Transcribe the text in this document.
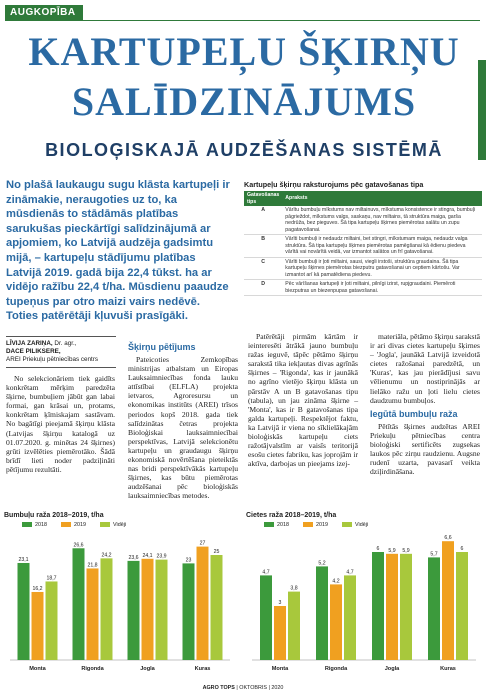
AUGKOPĪBA
KARTUPEĻU ŠĶIRŅU
SALĪDZINĀJUMS
BIOLOĢISKAJĀ AUDZĒŠANAS SISTĒMĀ
No plašā laukaugu sugu klāsta kartupeļi ir zināmakie, neraugoties uz to, ka mūsdienās to stādāmās platības sarukušas pieckārtīgi salīdzinājumā ar apjomiem, ko Latvijā audzēja gadsimtu mijā, – kartupeļu stādījumu platības Latvijā 2019. gadā bija 22,4 tūkst. ha ar vidējo ražību 22,4 t/ha. Mūsdienu paaudze tupeņus par otro maizi vairs nedēvē. Toties patērētāji kļuvuši prasīgāki.
Kartupeļu šķirņu raksturojums pēc gatavošanas tipa
Gatavošanas tips	Apraksts
A	Vārītu bumbuļu mīkstums nav miltainuvs, mīkstuma konsistence ir stingra, bumbuļi pāgrieždot, mīkstums valgs, saskaņu, nav miltains, tā struktūra maiga, garša nedrūža, bez pieguves. Šā tipa kartupeļu šķirnes piemērotas salātu un zupu pagatavošanai.
B	Vārīti bumbuļi ir nedaudz miltaini, bet stingri, mīkstumam maiga, nedaudz valga struktūra. Šā tipa kartupeļu šķirnes piemērotas pamēgšanai kā ēdienu piedeva vārītā vai novārītā veidā, var izmantot salātos un frī gatavošanai.
C	Vārīti bumbuļi ir ļoti miltaini, sausi, viegli irstoši, struktūra graudaina. Šā tipa kartupeļu šķirnes piemērotas biezputru gatavošanai un ceptiem kārtošu. Var izmantot arī kā pamatēdiena piedevu.
D	Pēc vārīšanas kartupeļi ir ļoti miltaini, pilnīgi izirst, rupjgraudaini. Piemēroti biezputras un biezenpupas gatavošanai.
LĪVIJA ZARIŅA, Dr. agr.,
DACE PILIKSERE,
AREI Priekuļu pētniecības centrs

No selekcionāriem tiek gaidīts konkrētam mērķim paredzēta šķirne, bumbuļiem jābūt gan labai formai, gan krāsai un, protams, konkrētam ķīmiskajam sastāvam. No bagātīgi pieejamā šķirņu klāsta (Latvijas šķirņu katalogā uz 01.07.2020. g. minētas 24 šķirnes) grūti izvēlēties piemērotāko. Šādā brīdī lieti noder padziļināti pētījumu rezultāti.

Šķirņu pētījums

Pateicoties Zemkopības ministrijas atbalstam un Eiropas Lauksaimniecības fonda lauku attīstībai (ELFLA) projekta ietvaros, Agroresursu un ekonomikas institūts (AREI) trīsos periodos kopš 2018. gada tiek salīdzinātas četras projekta Bioloģiskai lauksaimniecībai perspektīvas, Latvijā selekcionētu kartupeļu un graudaugu šķirņu ekonomiskā novērtēšana pieteiktās nas bridi perspektīvākās kartupeļu šķirnes, kas būtu piemērotas audzēšanai pēc bioloģiskās lauksaimniecības metodes.

Patērētāji pirmām kārtām ir ieinteresēti ātrākā jauno bumbuļu ražas ieguvē, tāpēc pētāmo šķirņu sarakstā tika iekļautas divas agrīnās šķirnes – 'Rigonda', kas ir jaunākā no agrīno vietējo šķirņu klāsta un pārstāv A un B gatavošanas tipu (tabula), un jau zināma šķirne – 'Monta', kas ir B gatavošanas tipa galda kartupeļi. Respektējot faktu, ka Latvijā ir viena no sīklielākajām bioloģiskās kartupeļu ciets ražotājvalstīm ar vaisīs teritorijā esošu cietes fabriku, kas joprojām ir aktīva, darbojas un pieejams izej-

materiāla, pētāmo šķirņu sarakstā ir ari divas cietes kartupeļu šķirnes – 'Jogla', jaunākā Latvijā izveidotā cietes ražošanai paredzētā, un 'Kuras', kas jau pierādījusi savu vēlienumu un nostiprinājās ar lielāko ražu un ļoti lielu cietes daudzumu bumbuļos.

Iegūtā bumbuļu raža

Pētītās šķirnes audzētas AREI Priekuļu pētniecības centra bioloģiski sertificēts zugsekas laukos pēc zirņu raudzienu. Augsne rudenī uzarta, pavasarī veikta dziļirdināšana.

Bumbuļu raža 2018–2019, t/ha
2018	2019	Vidēji
23,1
16,2
18,7
Monta
26,6
21,8
24,2
Rigonda
23,6 24,1 23,9
Jogla
23
27
25
Kuras
Cietes raža 2018–2019, t/ha
2018	2019	Vidēji
4,7
3
3,8
Monta
5,2
4,2
4,7
Rigonda
6 5,9 5,9
Jogla
5,7
6,6
6
Kuras
AGRO TOPS | OKTOBRIS | 2020
